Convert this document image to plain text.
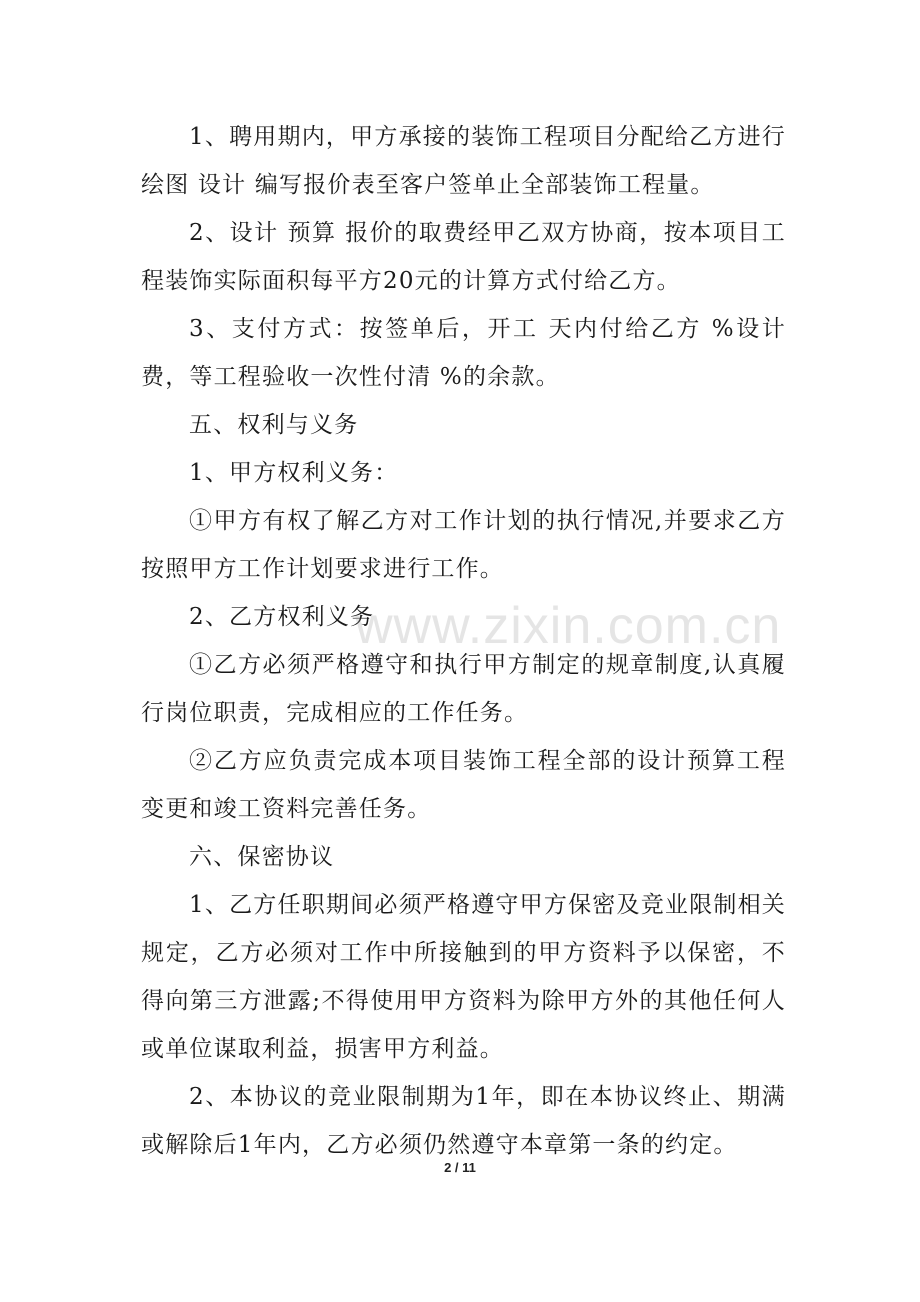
1、聘用期内，甲方承接的装饰工程项目分配给乙方进行绘图 设计 编写报价表至客户签单止全部装饰工程量。

2、设计 预算 报价的取费经甲乙双方协商，按本项目工程装饰实际面积每平方20元的计算方式付给乙方。

3、支付方式：按签单后，开工 天内付给乙方 %设计费，等工程验收一次性付清 %的余款。

五、权利与义务

1、甲方权利义务：

①甲方有权了解乙方对工作计划的执行情况,并要求乙方按照甲方工作计划要求进行工作。

2、乙方权利义务

①乙方必须严格遵守和执行甲方制定的规章制度,认真履行岗位职责，完成相应的工作任务。

②乙方应负责完成本项目装饰工程全部的设计预算工程变更和竣工资料完善任务。

六、保密协议

1、乙方任职期间必须严格遵守甲方保密及竞业限制相关规定，乙方必须对工作中所接触到的甲方资料予以保密，不得向第三方泄露;不得使用甲方资料为除甲方外的其他任何人或单位谋取利益，损害甲方利益。

2、本协议的竞业限制期为1年，即在本协议终止、期满或解除后1年内，乙方必须仍然遵守本章第一条的约定。

www.zixin.com.cn
2 / 11
